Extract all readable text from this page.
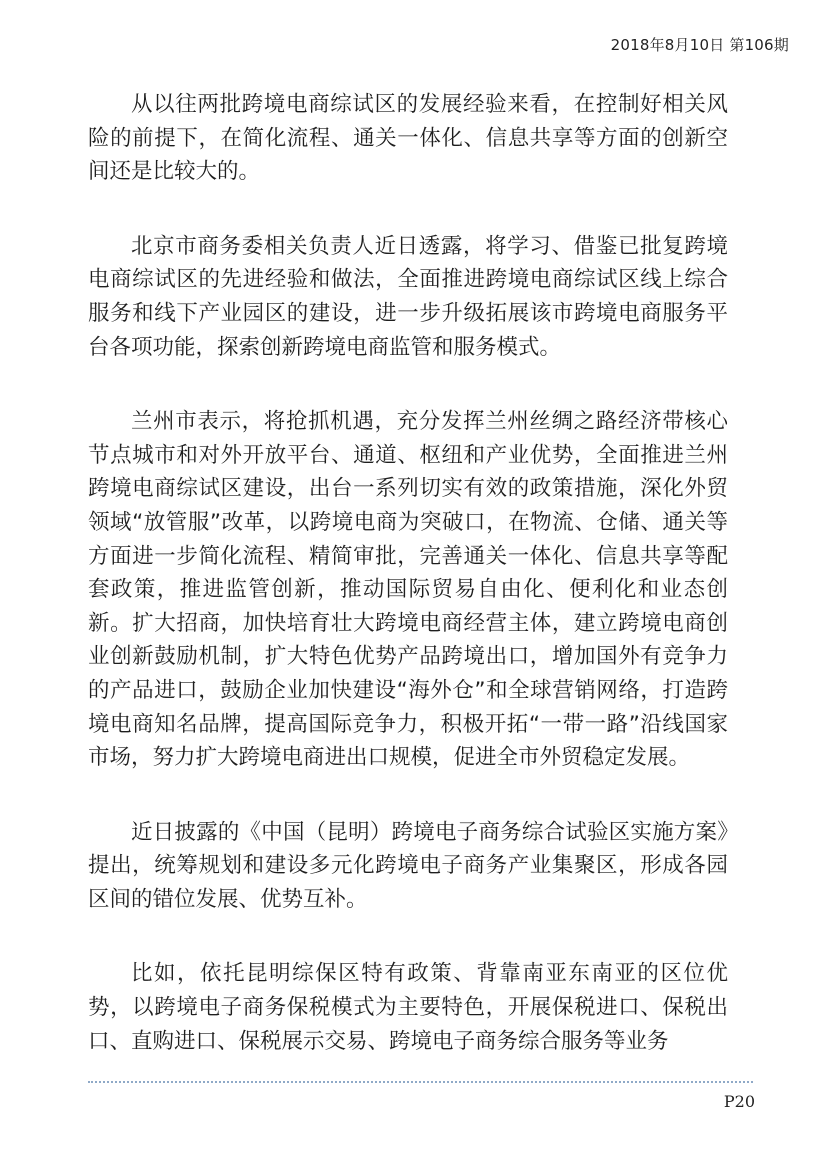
2018年8月10日 第106期

从以往两批跨境电商综试区的发展经验来看，在控制好相关风险的前提下，在简化流程、通关一体化、信息共享等方面的创新空间还是比较大的。

北京市商务委相关负责人近日透露，将学习、借鉴已批复跨境电商综试区的先进经验和做法，全面推进跨境电商综试区线上综合服务和线下产业园区的建设，进一步升级拓展该市跨境电商服务平台各项功能，探索创新跨境电商监管和服务模式。

兰州市表示，将抢抓机遇，充分发挥兰州丝绸之路经济带核心节点城市和对外开放平台、通道、枢纽和产业优势，全面推进兰州跨境电商综试区建设，出台一系列切实有效的政策措施，深化外贸领域“放管服”改革，以跨境电商为突破口，在物流、仓储、通关等方面进一步简化流程、精简审批，完善通关一体化、信息共享等配套政策，推进监管创新，推动国际贸易自由化、便利化和业态创新。扩大招商，加快培育壮大跨境电商经营主体，建立跨境电商创业创新鼓励机制，扩大特色优势产品跨境出口，增加国外有竞争力的产品进口，鼓励企业加快建设“海外仓”和全球营销网络，打造跨境电商知名品牌，提高国际竞争力，积极开拓“一带一路”沿线国家市场，努力扩大跨境电商进出口规模，促进全市外贸稳定发展。

近日披露的《中国（昆明）跨境电子商务综合试验区实施方案》提出，统筹规划和建设多元化跨境电子商务产业集聚区，形成各园区间的错位发展、优势互补。

比如，依托昆明综保区特有政策、背靠南亚东南亚的区位优势，以跨境电子商务保税模式为主要特色，开展保税进口、保税出口、直购进口、保税展示交易、跨境电子商务综合服务等业务

P20
